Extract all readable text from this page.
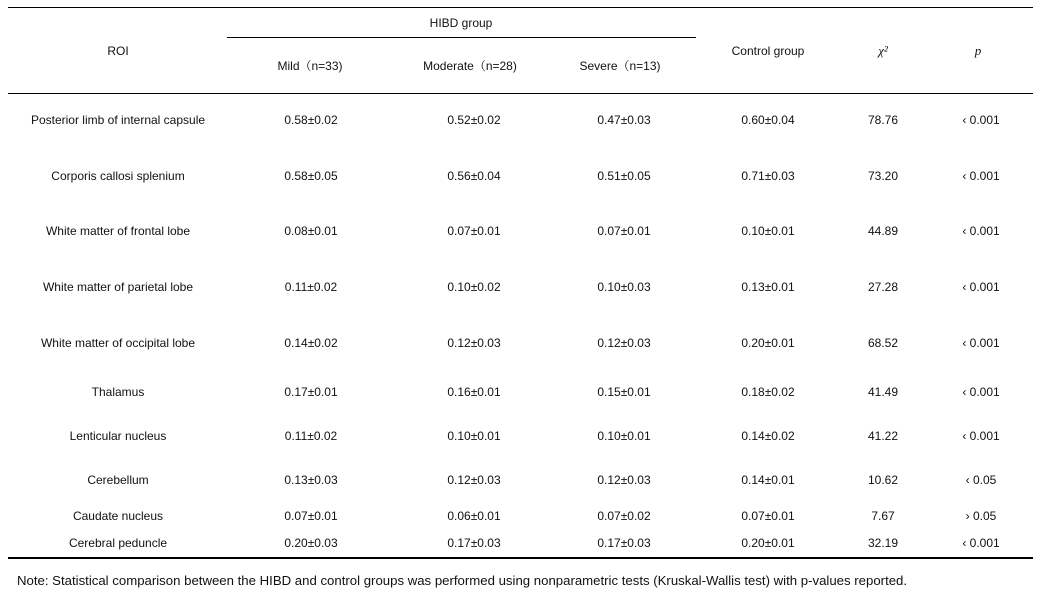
ROI
HIBD group
Mild（n=33)	Moderate（n=28)	Severe（n=13)
Control group	χ²	p
Posterior limb of internal capsule	0.58±0.02	0.52±0.02	0.47±0.03	0.60±0.04	78.76	‹ 0.001
Corporis callosi splenium	0.58±0.05	0.56±0.04	0.51±0.05	0.71±0.03	73.20	‹ 0.001
White matter of frontal lobe	0.08±0.01	0.07±0.01	0.07±0.01	0.10±0.01	44.89	‹ 0.001
White matter of parietal lobe	0.11±0.02	0.10±0.02	0.10±0.03	0.13±0.01	27.28	‹ 0.001
White matter of occipital lobe	0.14±0.02	0.12±0.03	0.12±0.03	0.20±0.01	68.52	‹ 0.001
Thalamus	0.17±0.01	0.16±0.01	0.15±0.01	0.18±0.02	41.49	‹ 0.001
Lenticular nucleus	0.11±0.02	0.10±0.01	0.10±0.01	0.14±0.02	41.22	‹ 0.001
Cerebellum	0.13±0.03	0.12±0.03	0.12±0.03	0.14±0.01	10.62	‹ 0.05
Caudate nucleus	0.07±0.01	0.06±0.01	0.07±0.02	0.07±0.01	7.67	› 0.05
Cerebral peduncle	0.20±0.03	0.17±0.03	0.17±0.03	0.20±0.01	32.19	‹ 0.001
Note: Statistical comparison between the HIBD and control groups was performed using nonparametric tests (Kruskal-Wallis test) with p-values reported.
